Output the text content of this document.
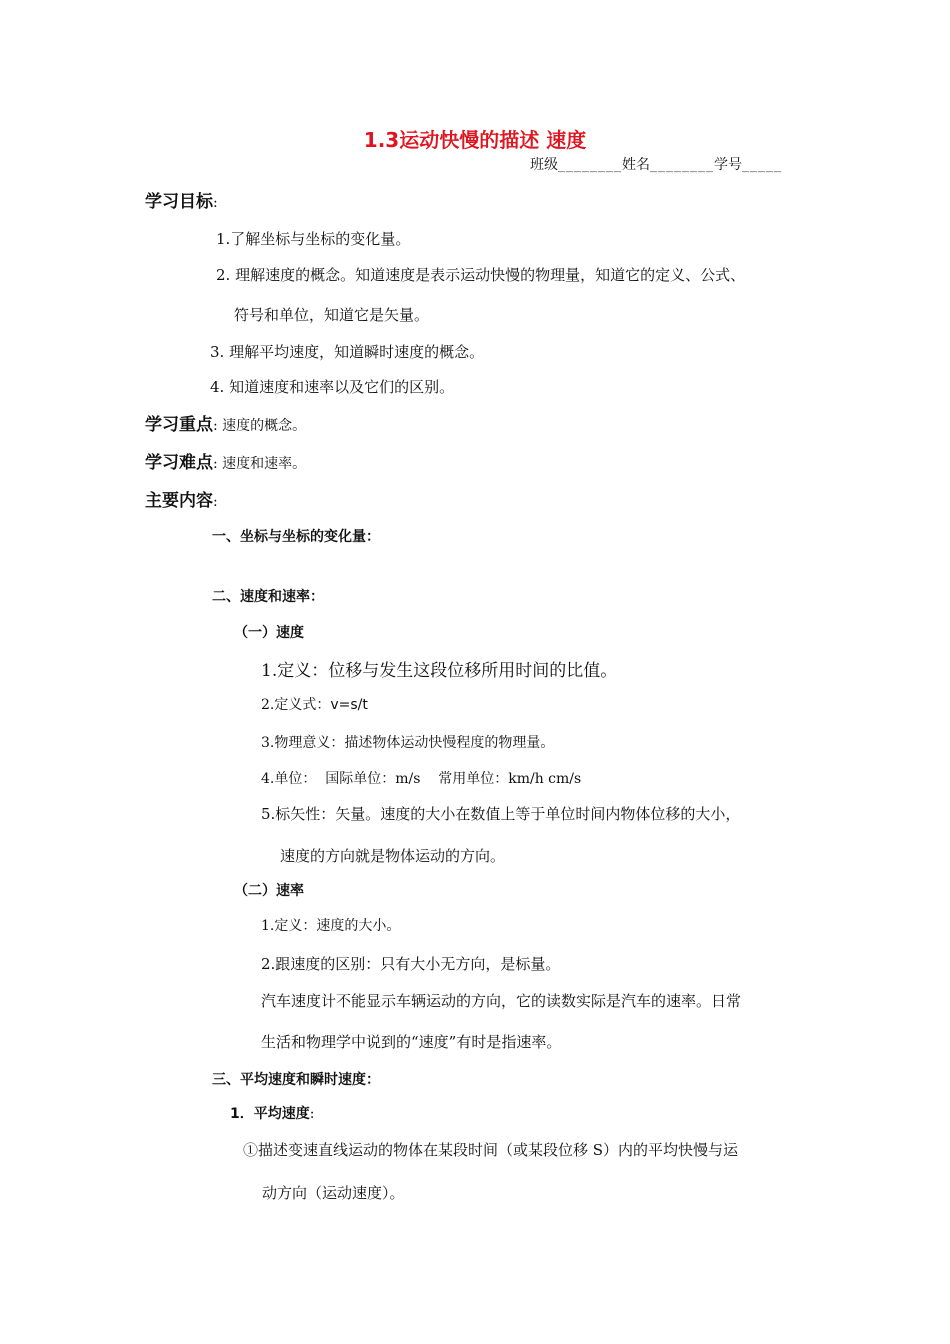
1.3运动快慢的描述 速度
班级________姓名________学号_____
学习目标:
1.了解坐标与坐标的变化量。
2. 理解速度的概念。知道速度是表示运动快慢的物理量，知道它的定义、公式、
符号和单位，知道它是矢量。
3. 理解平均速度，知道瞬时速度的概念。
4. 知道速度和速率以及它们的区别。
学习重点: 速度的概念。
学习难点: 速度和速率。
主要内容:
一、坐标与坐标的变化量：
二、速度和速率：
（一）速度
1.定义：位移与发生这段位移所用时间的比值。
2.定义式：v=s/t
3.物理意义：描述物体运动快慢程度的物理量。
4.单位：  国际单位：m/s    常用单位：km/h cm/s
5.标矢性：矢量。速度的大小在数值上等于单位时间内物体位移的大小，
速度的方向就是物体运动的方向。
（二）速率
1.定义：速度的大小。
2.跟速度的区别：只有大小无方向，是标量。
汽车速度计不能显示车辆运动的方向，它的读数实际是汽车的速率。日常
生活和物理学中说到的“速度”有时是指速率。
三、平均速度和瞬时速度：
1．平均速度:
①描述变速直线运动的物体在某段时间（或某段位移 S）内的平均快慢与运
动方向（运动速度）。
